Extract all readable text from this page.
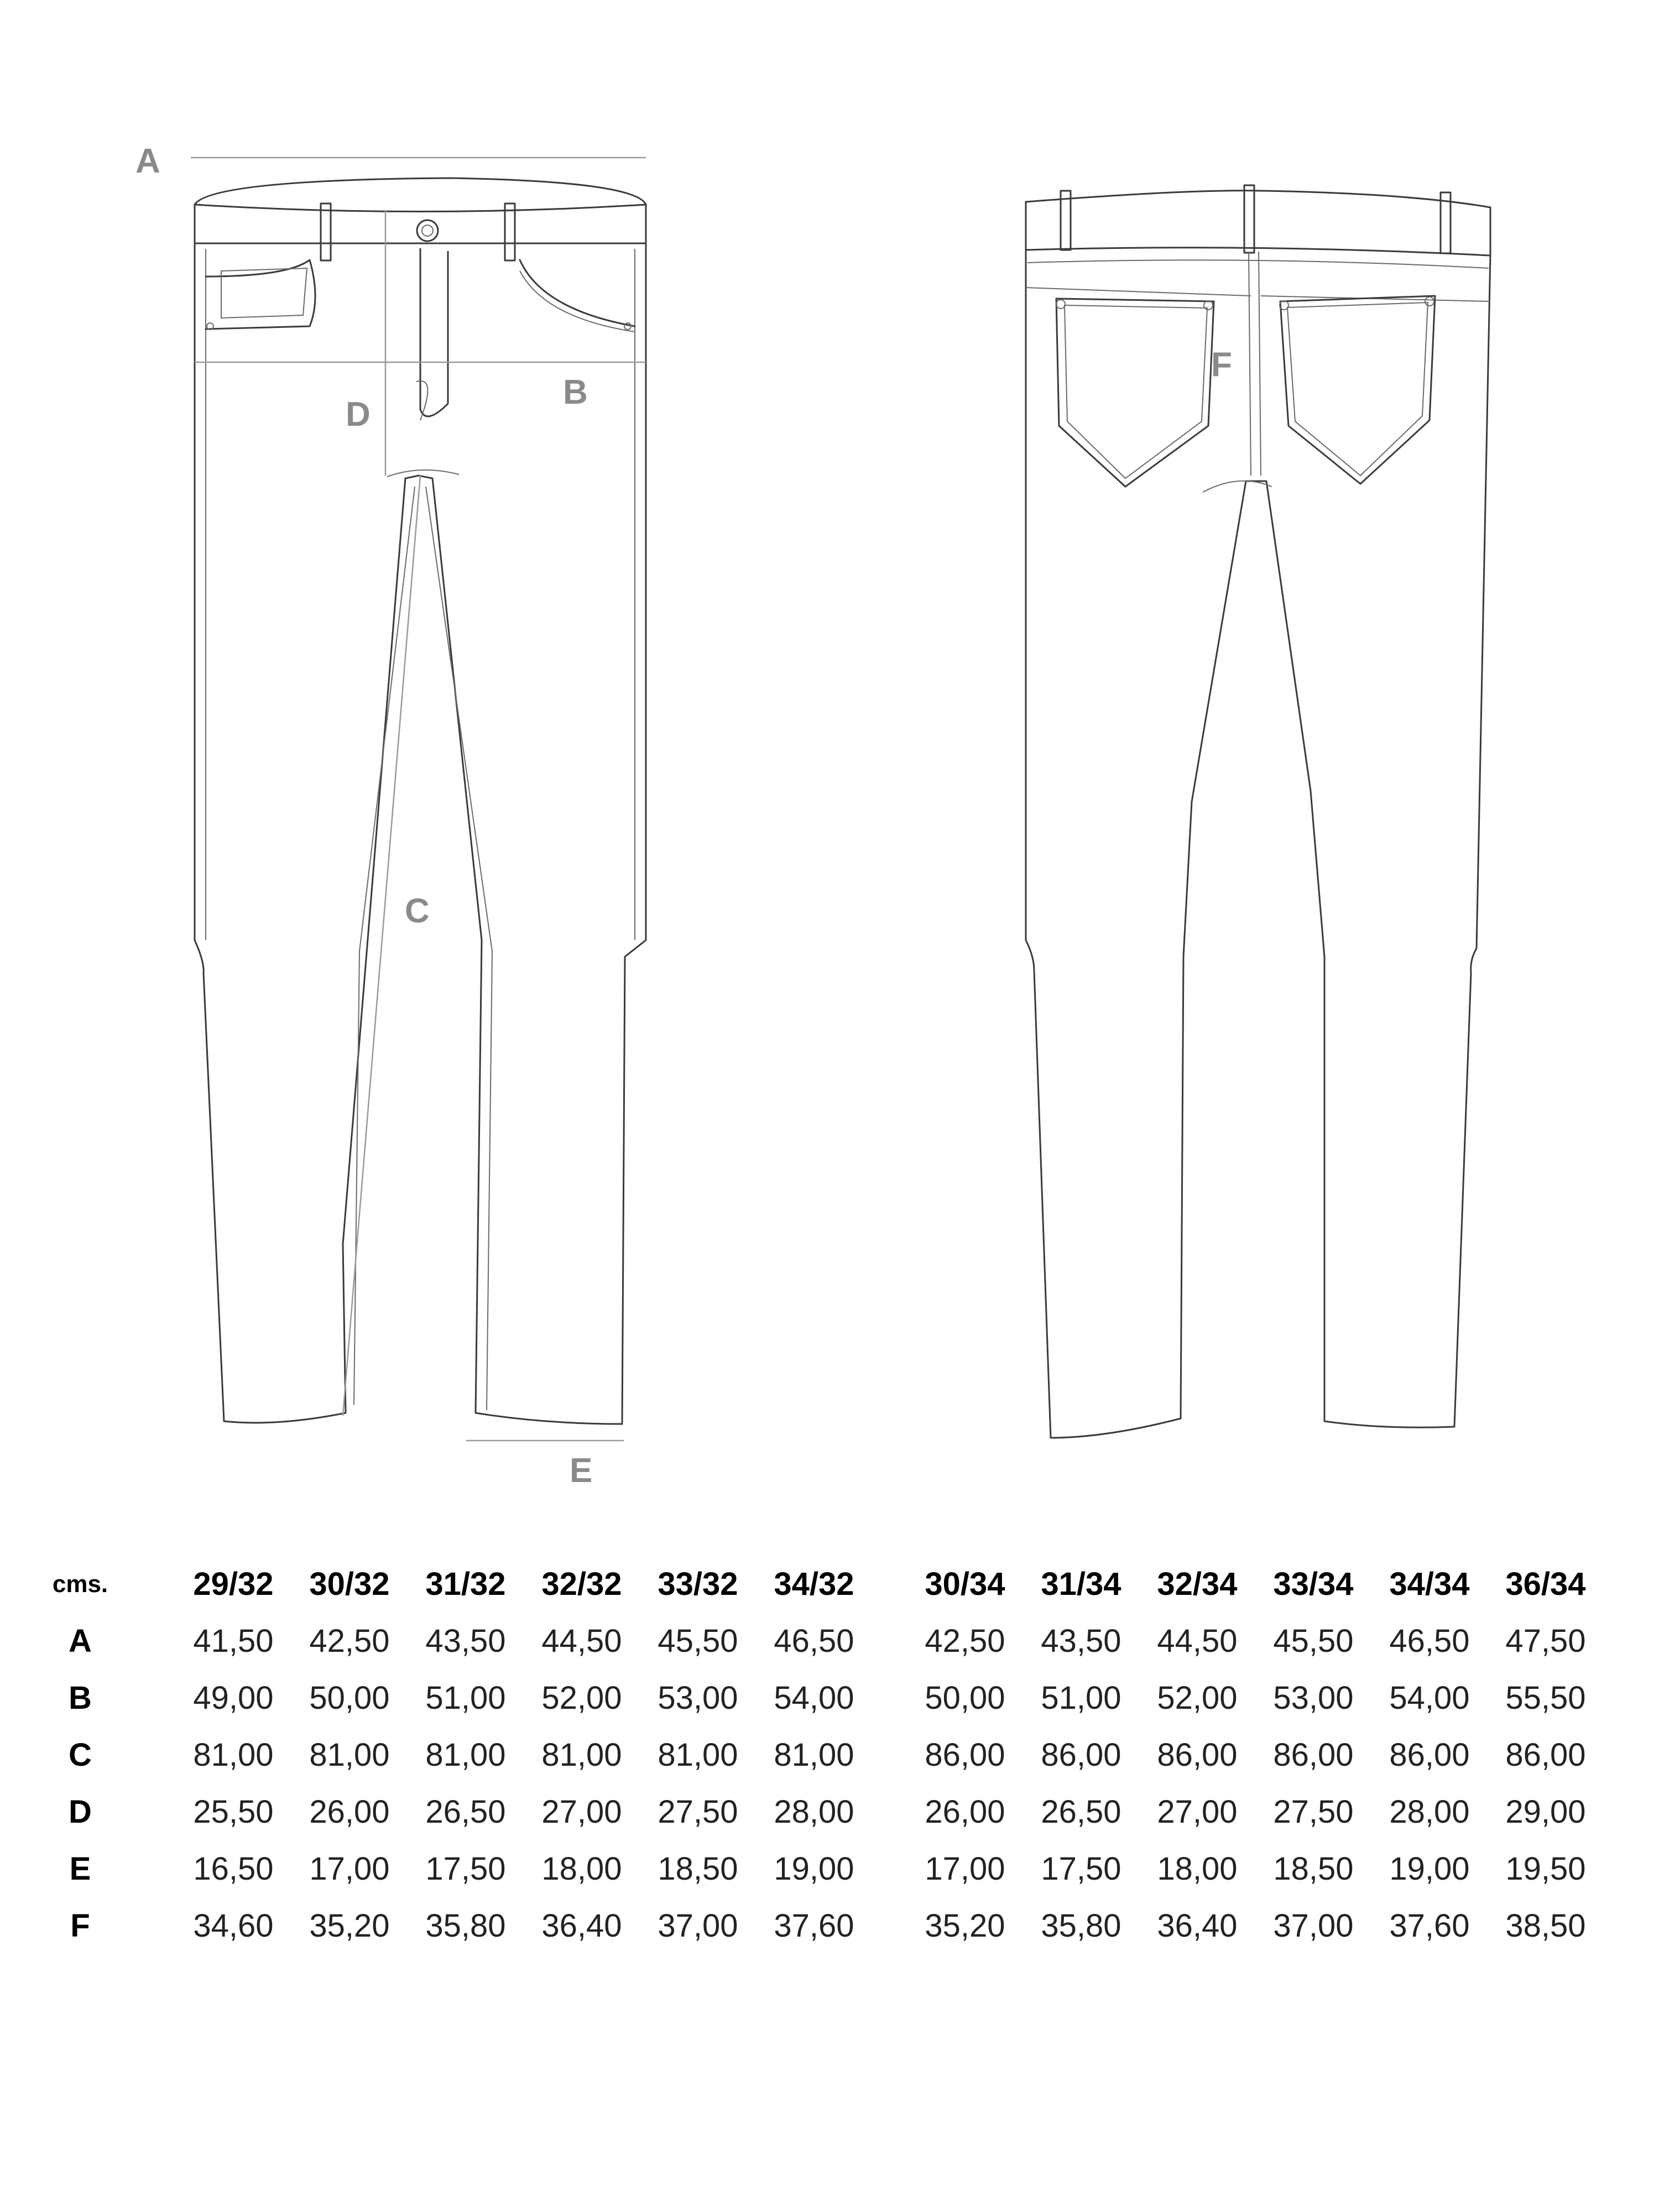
A
B
C
D
E
F
cms.	29/32	30/32	31/32	32/32	33/32	34/32	30/34	31/34	32/34	33/34	34/34	36/34
A	41,50	42,50	43,50	44,50	45,50	46,50	42,50	43,50	44,50	45,50	46,50	47,50
B	49,00	50,00	51,00	52,00	53,00	54,00	50,00	51,00	52,00	53,00	54,00	55,50
C	81,00	81,00	81,00	81,00	81,00	81,00	86,00	86,00	86,00	86,00	86,00	86,00
D	25,50	26,00	26,50	27,00	27,50	28,00	26,00	26,50	27,00	27,50	28,00	29,00
E	16,50	17,00	17,50	18,00	18,50	19,00	17,00	17,50	18,00	18,50	19,00	19,50
F	34,60	35,20	35,80	36,40	37,00	37,60	35,20	35,80	36,40	37,00	37,60	38,50
